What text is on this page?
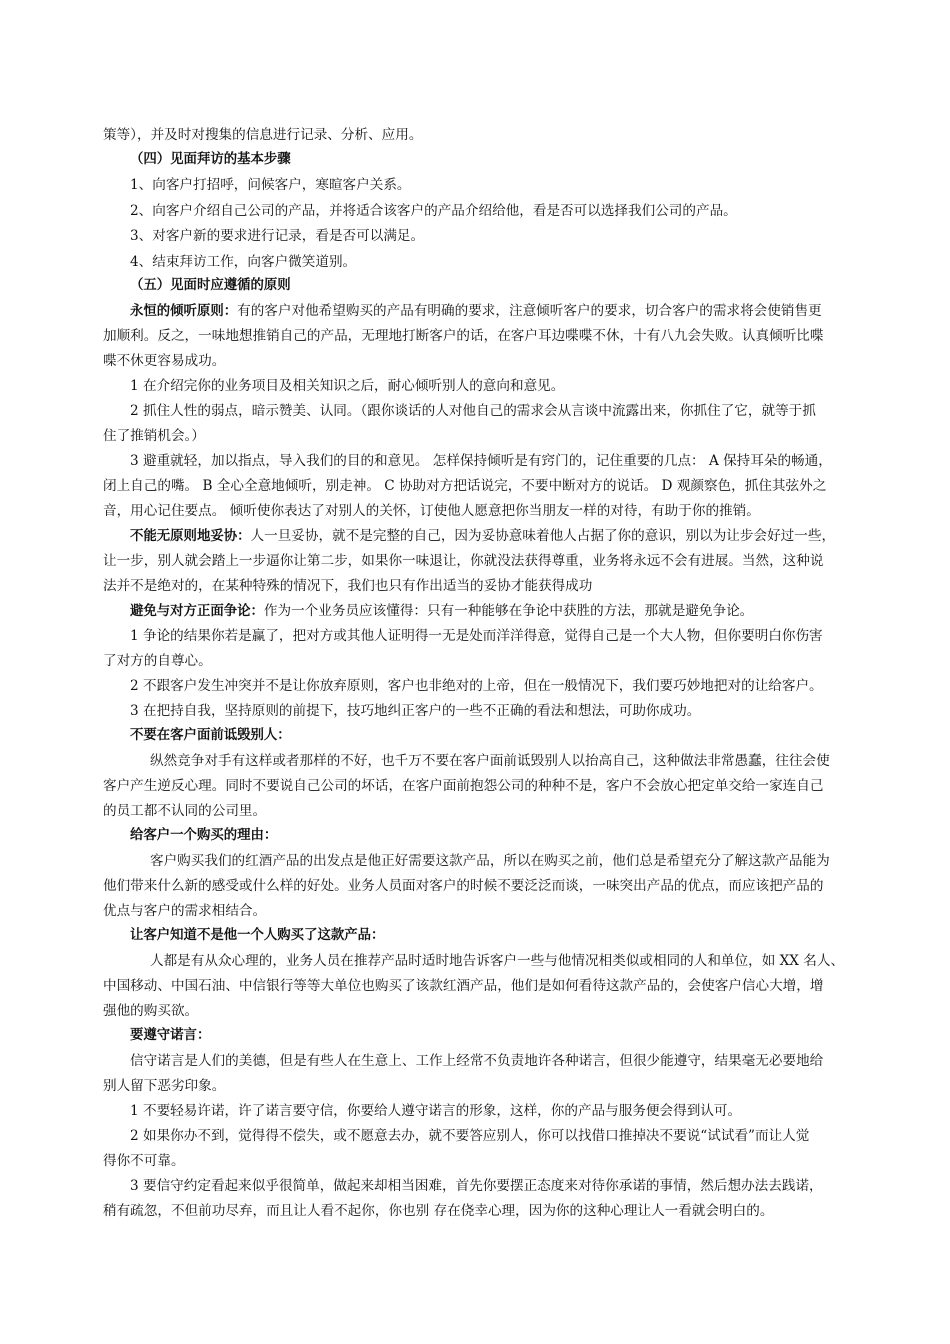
策等），并及时对搜集的信息进行记录、分析、应用。
（四）见面拜访的基本步骤
1、向客户打招呼，问候客户，寒暄客户关系。
2、向客户介绍自己公司的产品，并将适合该客户的产品介绍给他，看是否可以选择我们公司的产品。
3、对客户新的要求进行记录，看是否可以满足。
4、结束拜访工作，向客户微笑道别。
（五）见面时应遵循的原则
永恒的倾听原则：有的客户对他希望购买的产品有明确的要求，注意倾听客户的要求，切合客户的需求将会使销售更
加顺利。反之，一味地想推销自己的产品，无理地打断客户的话，在客户耳边喋喋不休，十有八九会失败。认真倾听比喋
喋不休更容易成功。
1 在介绍完你的业务项目及相关知识之后，耐心倾听别人的意向和意见。
2 抓住人性的弱点，暗示赞美、认同。（跟你谈话的人对他自己的需求会从言谈中流露出来，你抓住了它，就等于抓
住了推销机会。）
3 避重就轻，加以指点，导入我们的目的和意见。 怎样保持倾听是有窍门的，记住重要的几点： A 保持耳朵的畅通，
闭上自己的嘴。 B 全心全意地倾听，别走神。 C 协助对方把话说完，不要中断对方的说话。 D 观颜察色，抓住其弦外之
音，用心记住要点。 倾听使你表达了对别人的关怀，订使他人愿意把你当朋友一样的对待，有助于你的推销。
不能无原则地妥协：人一旦妥协，就不是完整的自己，因为妥协意味着他人占据了你的意识，别以为让步会好过一些，
让一步，别人就会踏上一步逼你让第二步，如果你一味退让，你就没法获得尊重，业务将永远不会有进展。当然，这种说
法并不是绝对的，在某种特殊的情况下，我们也只有作出适当的妥协才能获得成功
避免与对方正面争论：作为一个业务员应该懂得：只有一种能够在争论中获胜的方法，那就是避免争论。
1 争论的结果你若是赢了，把对方或其他人证明得一无是处而洋洋得意，觉得自己是一个大人物，但你要明白你伤害
了对方的自尊心。
2 不跟客户发生冲突并不是让你放弃原则，客户也非绝对的上帝，但在一般情况下，我们要巧妙地把对的让给客户。
3 在把持自我，坚持原则的前提下，技巧地纠正客户的一些不正确的看法和想法，可助你成功。
不要在客户面前诋毁别人：
纵然竞争对手有这样或者那样的不好，也千万不要在客户面前诋毁别人以抬高自己，这种做法非常愚蠢，往往会使
客户产生逆反心理。同时不要说自己公司的坏话，在客户面前抱怨公司的种种不是，客户不会放心把定单交给一家连自己
的员工都不认同的公司里。
给客户一个购买的理由：
客户购买我们的红酒产品的出发点是他正好需要这款产品，所以在购买之前，他们总是希望充分了解这款产品能为
他们带来什么新的感受或什么样的好处。业务人员面对客户的时候不要泛泛而谈，一味突出产品的优点，而应该把产品的
优点与客户的需求相结合。
让客户知道不是他一个人购买了这款产品：
人都是有从众心理的，业务人员在推荐产品时适时地告诉客户一些与他情况相类似或相同的人和单位，如 XX 名人、
中国移动、中国石油、中信银行等等大单位也购买了该款红酒产品，他们是如何看待这款产品的，会使客户信心大增，增
强他的购买欲。
要遵守诺言：
信守诺言是人们的美德，但是有些人在生意上、工作上经常不负责地许各种诺言，但很少能遵守，结果毫无必要地给
别人留下恶劣印象。
1 不要轻易许诺，许了诺言要守信，你要给人遵守诺言的形象，这样，你的产品与服务便会得到认可。
2 如果你办不到，觉得得不偿失，或不愿意去办，就不要答应别人，你可以找借口推掉决不要说“试试看”而让人觉
得你不可靠。
3 要信守约定看起来似乎很简单，做起来却相当困难，首先你要摆正态度来对待你承诺的事情，然后想办法去践诺，
稍有疏忽，不但前功尽弃，而且让人看不起你，你也别 存在侥幸心理，因为你的这种心理让人一看就会明白的。
